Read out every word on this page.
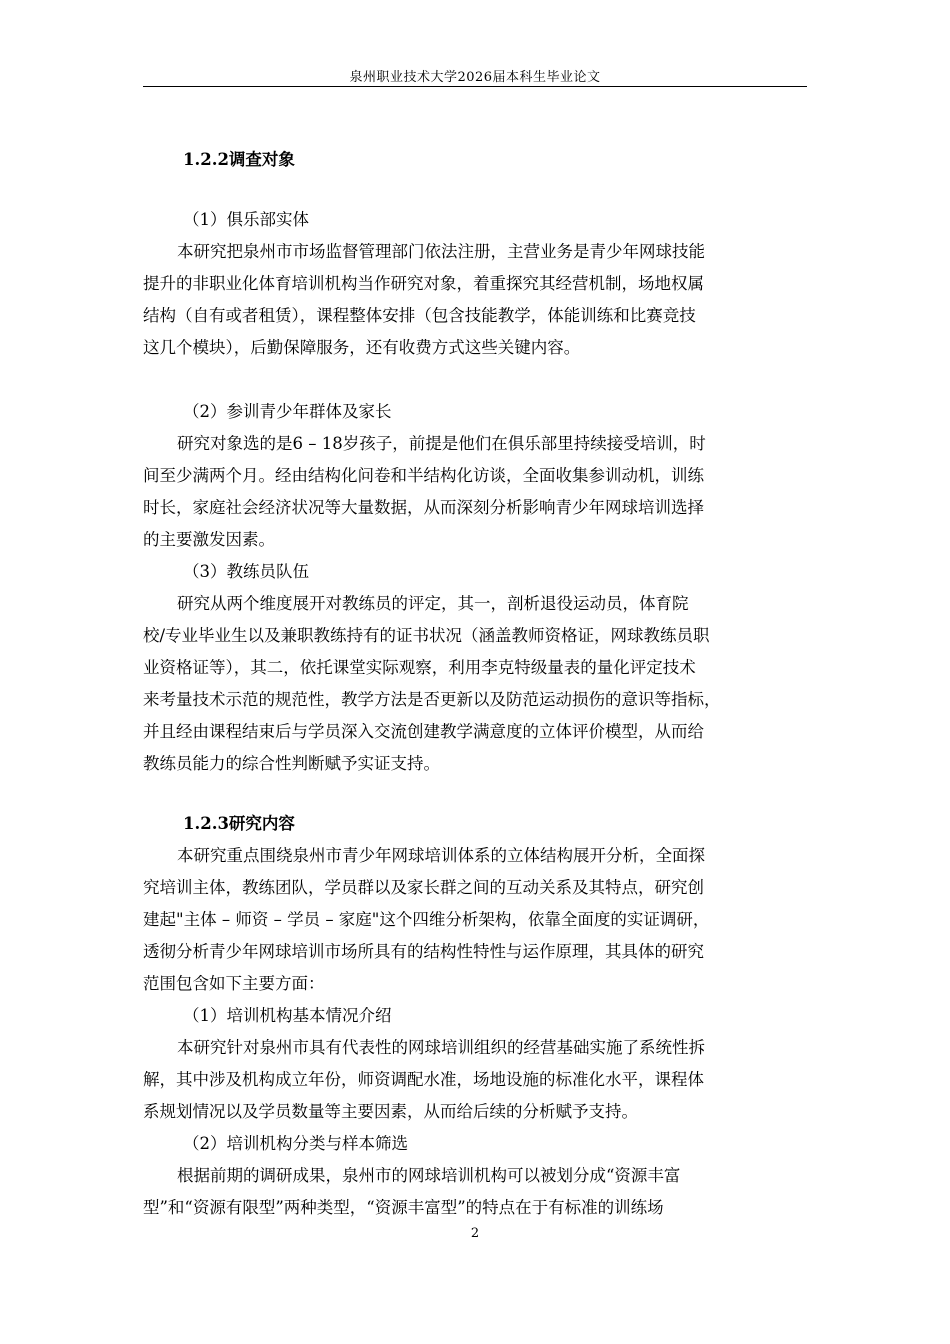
泉州职业技术大学2026届本科生毕业论文
1.2.2调查对象

（1）俱乐部实体

本研究把泉州市市场监督管理部门依法注册，主营业务是青少年网球技能

提升的非职业化体育培训机构当作研究对象，着重探究其经营机制，场地权属

结构（自有或者租赁），课程整体安排（包含技能教学，体能训练和比赛竞技

这几个模块），后勤保障服务，还有收费方式这些关键内容。

（2）参训青少年群体及家长

研究对象选的是6 – 18岁孩子，前提是他们在俱乐部里持续接受培训，时

间至少满两个月。经由结构化问卷和半结构化访谈，全面收集参训动机，训练

时长，家庭社会经济状况等大量数据，从而深刻分析影响青少年网球培训选择

的主要激发因素。

（3）教练员队伍

研究从两个维度展开对教练员的评定，其一，剖析退役运动员，体育院

校/专业毕业生以及兼职教练持有的证书状况（涵盖教师资格证，网球教练员职

业资格证等），其二，依托课堂实际观察，利用李克特级量表的量化评定技术

来考量技术示范的规范性，教学方法是否更新以及防范运动损伤的意识等指标，

并且经由课程结束后与学员深入交流创建教学满意度的立体评价模型，从而给

教练员能力的综合性判断赋予实证支持。

1.2.3研究内容

本研究重点围绕泉州市青少年网球培训体系的立体结构展开分析，全面探

究培训主体，教练团队，学员群以及家长群之间的互动关系及其特点，研究创

建起"主体 – 师资 – 学员 – 家庭"这个四维分析架构，依靠全面度的实证调研，

透彻分析青少年网球培训市场所具有的结构性特性与运作原理，其具体的研究

范围包含如下主要方面：

（1）培训机构基本情况介绍

本研究针对泉州市具有代表性的网球培训组织的经营基础实施了系统性拆

解，其中涉及机构成立年份，师资调配水准，场地设施的标准化水平，课程体

系规划情况以及学员数量等主要因素，从而给后续的分析赋予支持。

（2）培训机构分类与样本筛选

根据前期的调研成果，泉州市的网球培训机构可以被划分成“资源丰富

型”和“资源有限型”两种类型，“资源丰富型”的特点在于有标准的训练场

2
